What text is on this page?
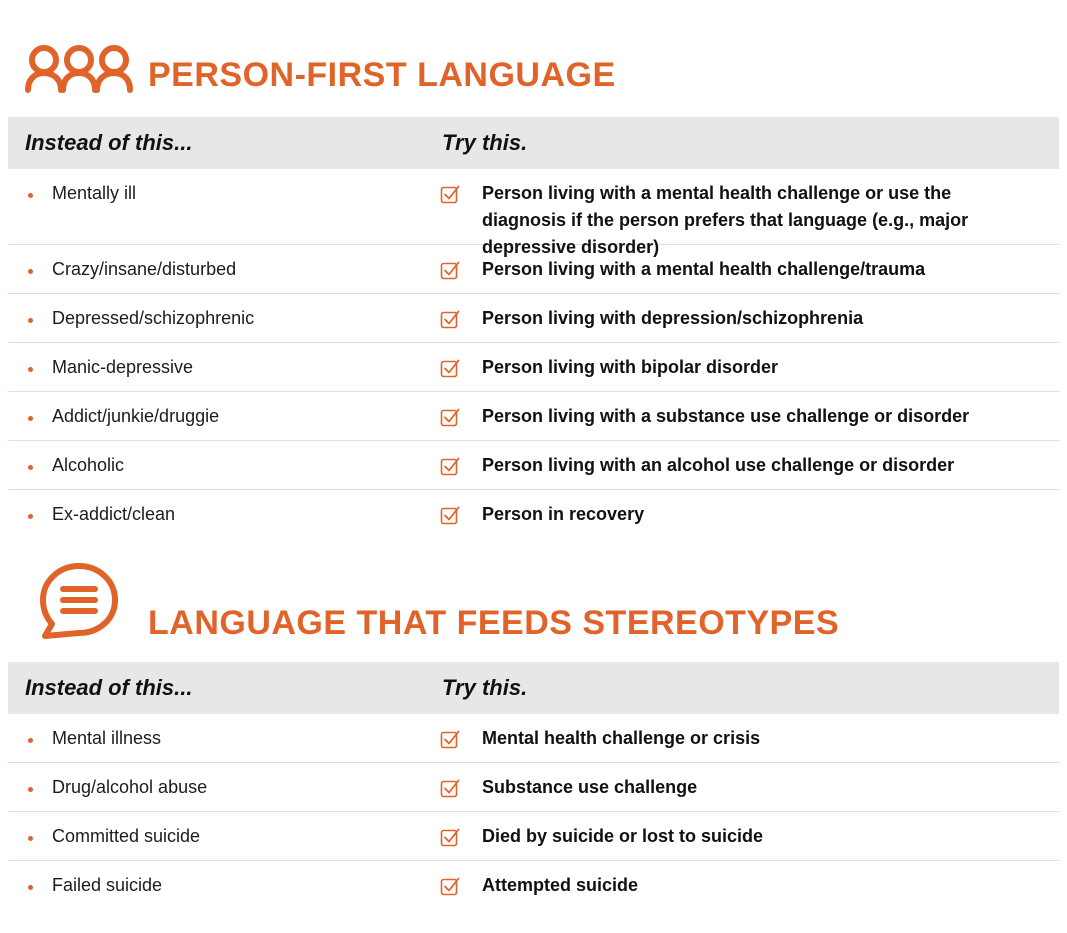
PERSON-FIRST LANGUAGE
Instead of this...	Try this.
Mentally ill	Person living with a mental health challenge or use the diagnosis if the person prefers that language (e.g., major depressive disorder)
Crazy/insane/disturbed	Person living with a mental health challenge/trauma
Depressed/schizophrenic	Person living with depression/schizophrenia
Manic-depressive	Person living with bipolar disorder
Addict/junkie/druggie	Person living with a substance use challenge or disorder
Alcoholic	Person living with an alcohol use challenge or disorder
Ex-addict/clean	Person in recovery
LANGUAGE THAT FEEDS STEREOTYPES
Instead of this...	Try this.
Mental illness	Mental health challenge or crisis
Drug/alcohol abuse	Substance use challenge
Committed suicide	Died by suicide or lost to suicide
Failed suicide	Attempted suicide
